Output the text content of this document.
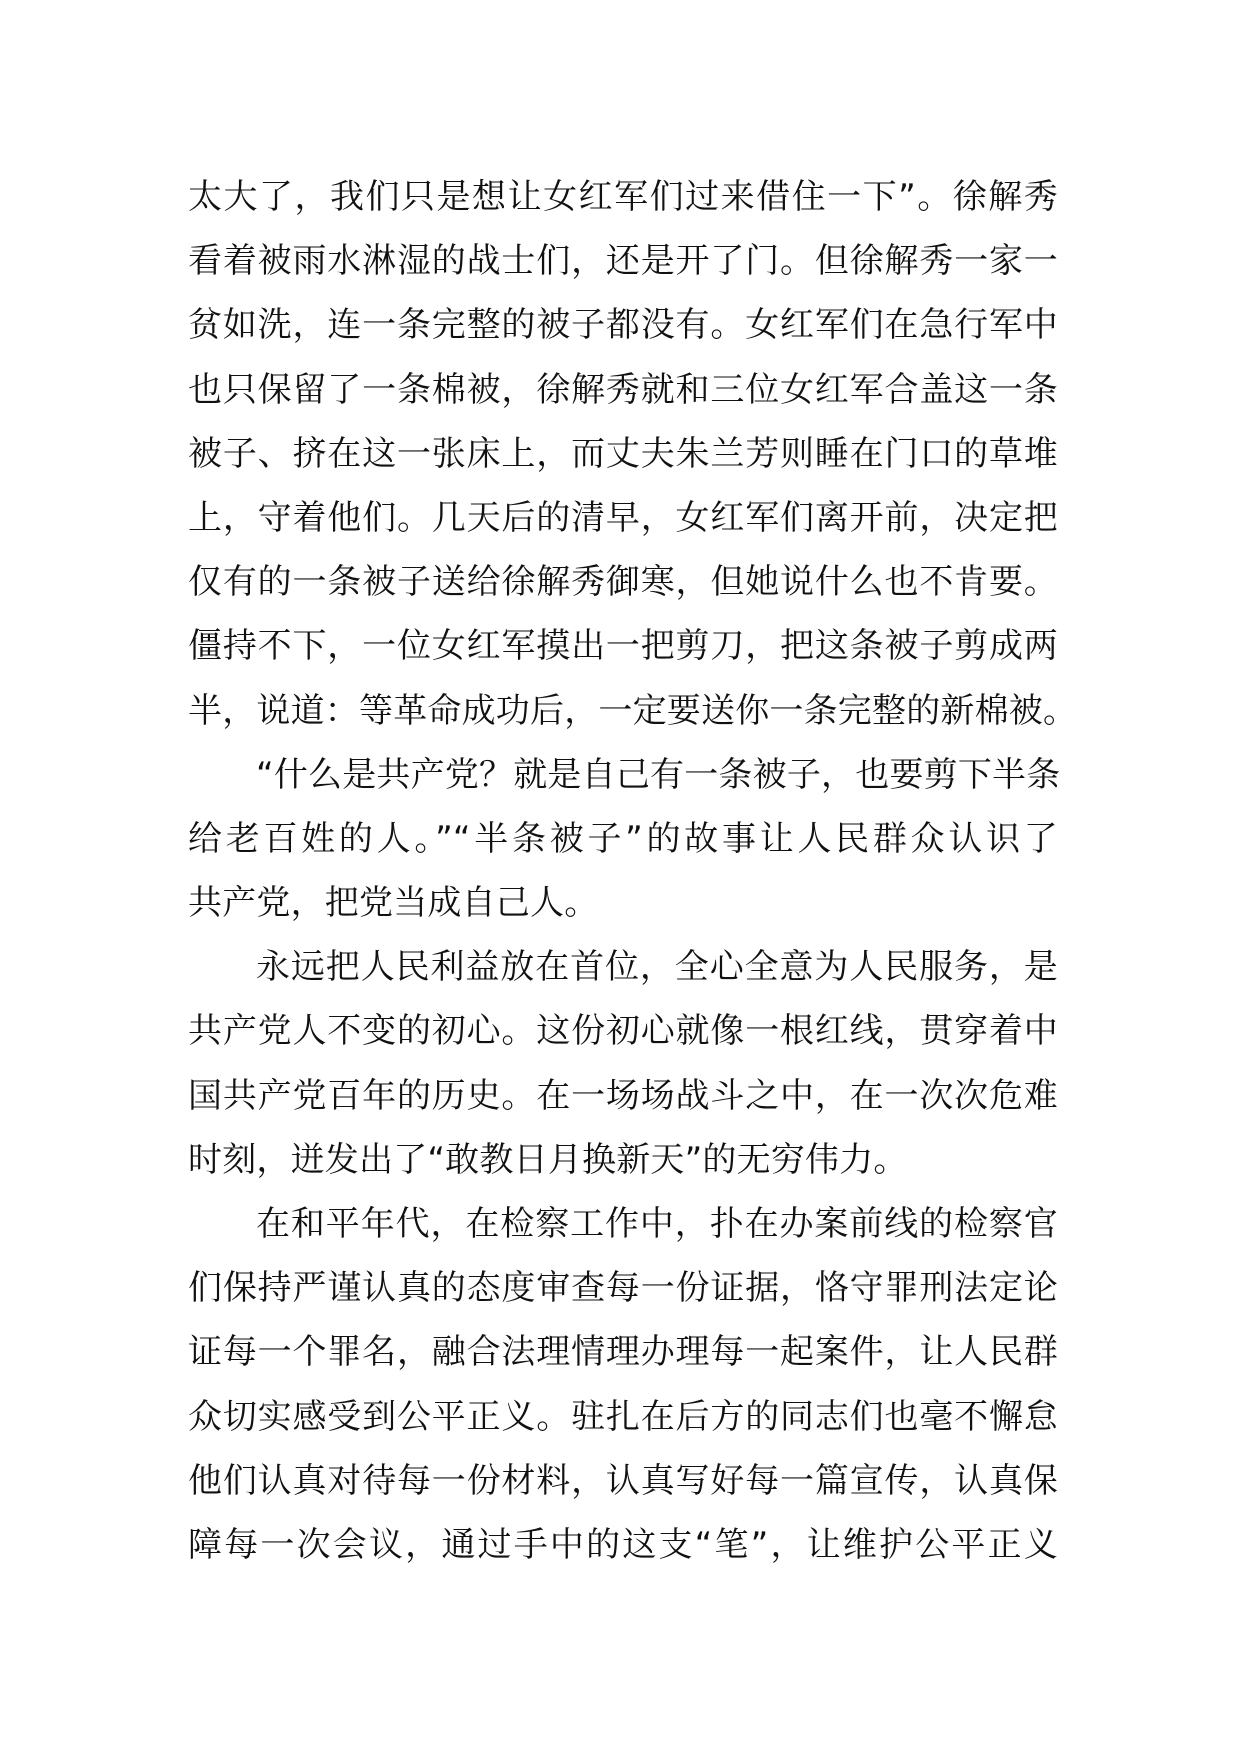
太大了，我们只是想让女红军们过来借住一下”。徐解秀
看着被雨水淋湿的战士们，还是开了门。但徐解秀一家一
贫如洗，连一条完整的被子都没有。女红军们在急行军中
也只保留了一条棉被，徐解秀就和三位女红军合盖这一条
被子、挤在这一张床上，而丈夫朱兰芳则睡在门口的草堆
上，守着他们。几天后的清早，女红军们离开前，决定把
仅有的一条被子送给徐解秀御寒，但她说什么也不肯要。
僵持不下，一位女红军摸出一把剪刀，把这条被子剪成两
半，说道：等革命成功后，一定要送你一条完整的新棉被。
“什么是共产党？就是自己有一条被子，也要剪下半条
给老百姓的人。”“半条被子”的故事让人民群众认识了
共产党，把党当成自己人。
永远把人民利益放在首位，全心全意为人民服务，是
共产党人不变的初心。这份初心就像一根红线，贯穿着中
国共产党百年的历史。在一场场战斗之中，在一次次危难
时刻，迸发出了“敢教日月换新天”的无穷伟力。
在和平年代，在检察工作中，扑在办案前线的检察官
们保持严谨认真的态度审查每一份证据，恪守罪刑法定论
证每一个罪名，融合法理情理办理每一起案件，让人民群
众切实感受到公平正义。驻扎在后方的同志们也毫不懈怠
他们认真对待每一份材料，认真写好每一篇宣传，认真保
障每一次会议，通过手中的这支“笔”，让维护公平正义
